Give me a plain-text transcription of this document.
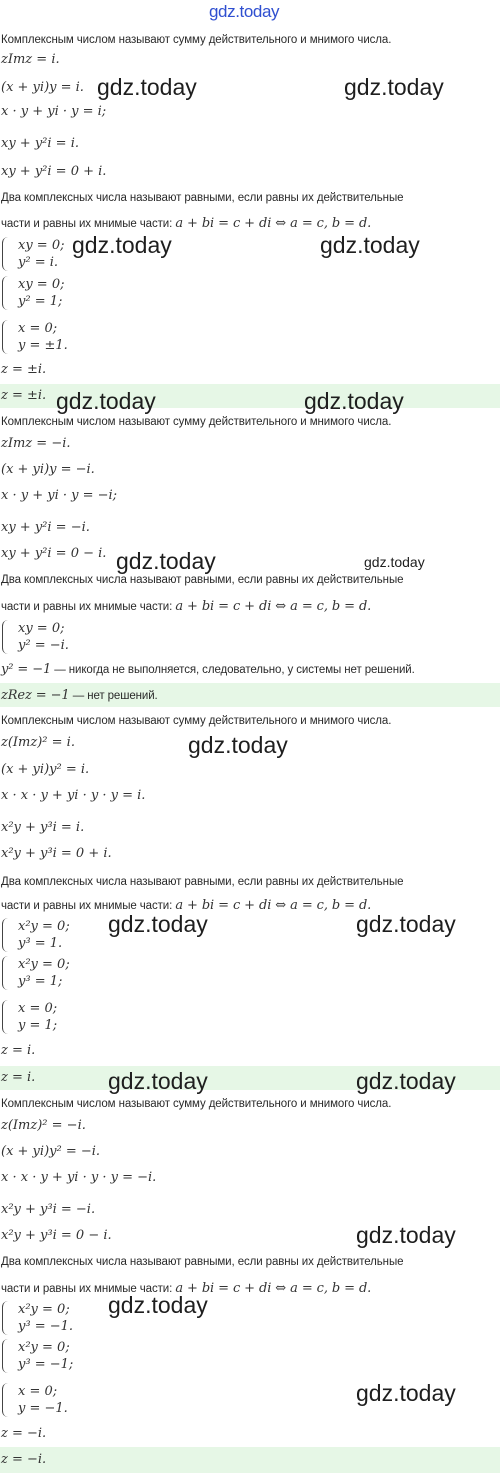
gdz.today
Комплексным числом называют сумму действительного и мнимого числа.
zImz = i.
(x + yi)y = i.
x · y + yi · y = i;
xy + y²i = i.
xy + y²i = 0 + i.
Два комплексных числа называют равными, если равны их действительные
части и равны их мнимые части: a + bi = c + di ⇔ a = c, b = d.
xy = 0;
y² = i.
xy = 0;
y² = 1;
x = 0;
y = ±1.
z = ±i.
z = ±i.
Комплексным числом называют сумму действительного и мнимого числа.
zImz = −i.
(x + yi)y = −i.
x · y + yi · y = −i;
xy + y²i = −i.
xy + y²i = 0 − i.
Два комплексных числа называют равными, если равны их действительные
части и равны их мнимые части: a + bi = c + di ⇔ a = c, b = d.
xy = 0;
y² = −i.
y² = −1 — никогда не выполняется, следовательно, у системы нет решений.
zRez = −1 — нет решений.
Комплексным числом называют сумму действительного и мнимого числа.
z(Imz)² = i.
(x + yi)y² = i.
x · x · y + yi · y · y = i.
x²y + y³i = i.
x²y + y³i = 0 + i.
Два комплексных числа называют равными, если равны их действительные
части и равны их мнимые части: a + bi = c + di ⇔ a = c, b = d.
x²y = 0;
y³ = 1.
x²y = 0;
y³ = 1;
x = 0;
y = 1;
z = i.
z = i.
Комплексным числом называют сумму действительного и мнимого числа.
z(Imz)² = −i.
(x + yi)y² = −i.
x · x · y + yi · y · y = −i.
x²y + y³i = −i.
x²y + y³i = 0 − i.
Два комплексных числа называют равными, если равны их действительные
части и равны их мнимые части: a + bi = c + di ⇔ a = c, b = d.
x²y = 0;
y³ = −1.
x²y = 0;
y³ = −1;
x = 0;
y = −1.
z = −i.
z = −i.
gdz.today	gdz.today
gdz.today	gdz.today
gdz.today	gdz.today
gdz.today	gdz.today
gdz.today
gdz.today	gdz.today
gdz.today	gdz.today
gdz.today
gdz.today
gdz.today
